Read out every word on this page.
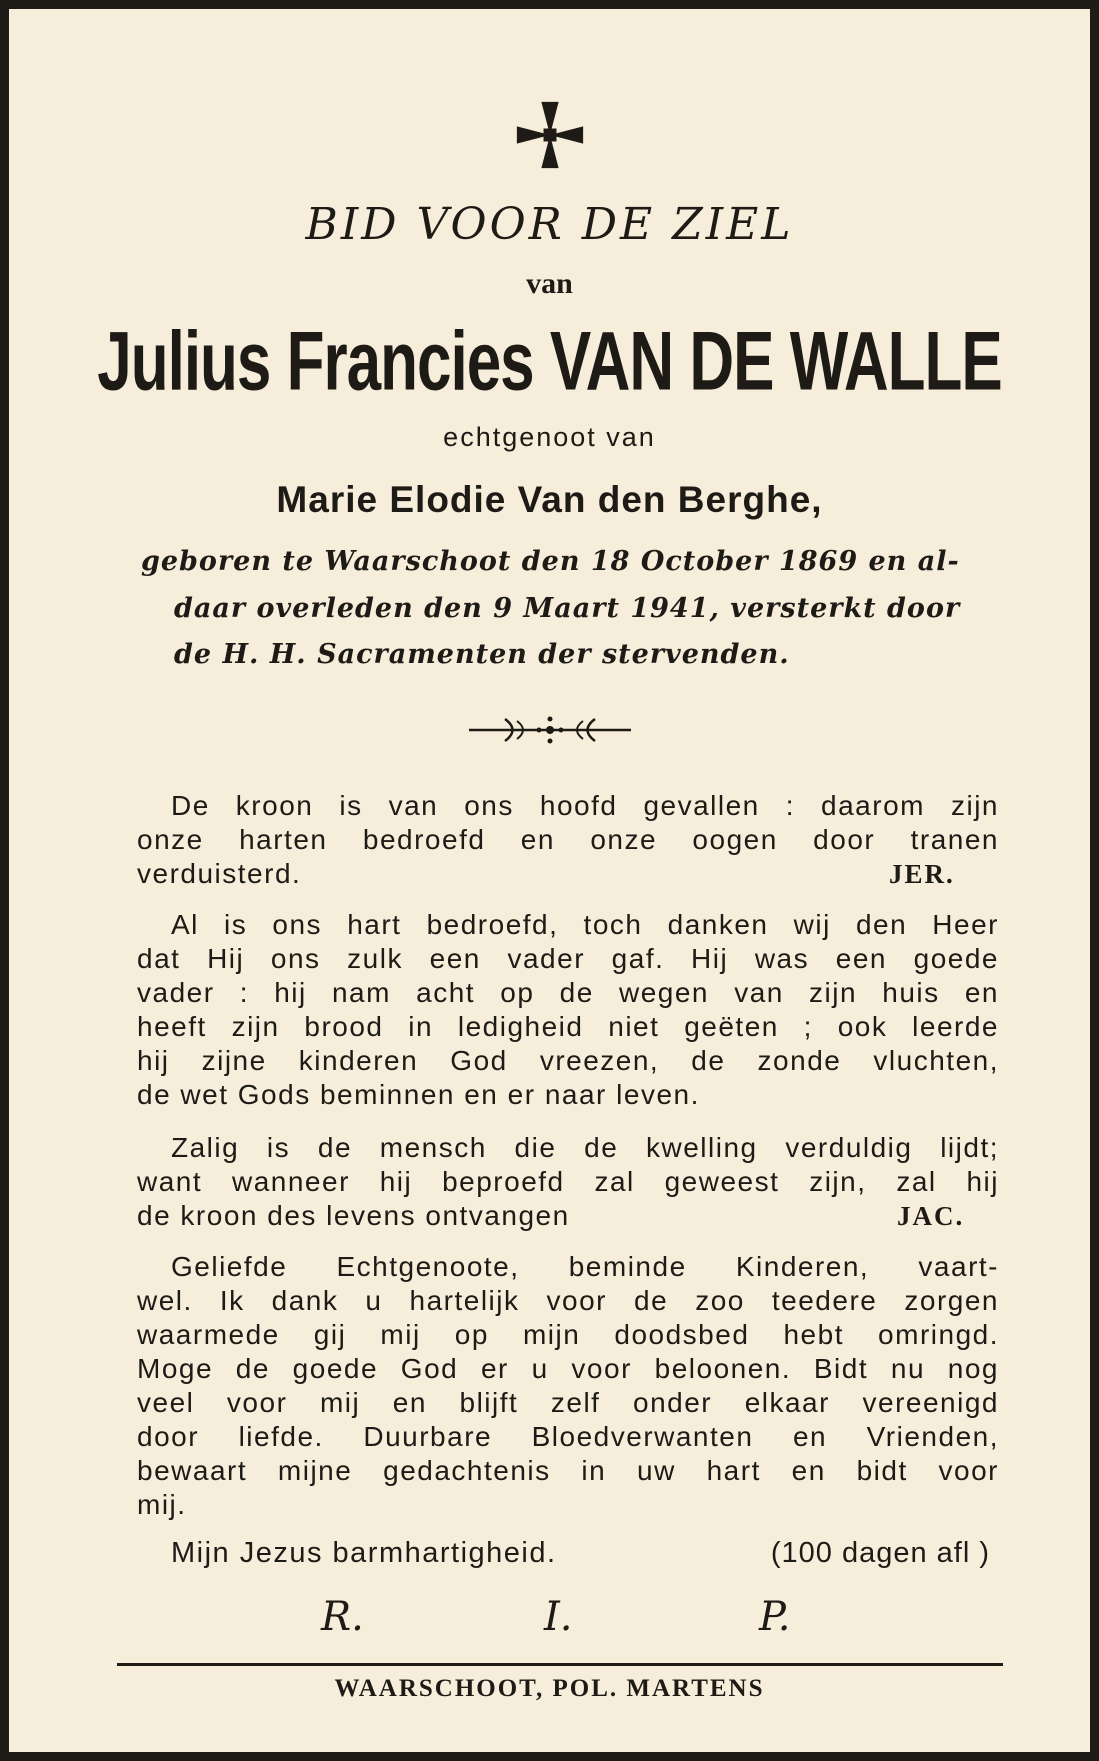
BID VOOR DE ZIEL
van
Julius Francies VAN DE WALLE
echtgenoot van
Marie Elodie Van den Berghe,
geboren te Waarschoot den 18 October 1869 en al-
daar overleden den 9 Maart 1941, versterkt door
de H. H. Sacramenten der stervenden.
De kroon is van ons hoofd gevallen : daarom zijn
onze harten bedroefd en onze oogen door tranen
verduisterd.	JER.
Al is ons hart bedroefd, toch danken wij den Heer
dat Hij ons zulk een vader gaf. Hij was een goede
vader : hij nam acht op de wegen van zijn huis en
heeft zijn brood in ledigheid niet geëten ; ook leerde
hij zijne kinderen God vreezen, de zonde vluchten,
de wet Gods beminnen en er naar leven.
Zalig is de mensch die de kwelling verduldig lijdt;
want wanneer hij beproefd zal geweest zijn, zal hij
de kroon des levens ontvangen	JAC.
Geliefde Echtgenoote, beminde Kinderen, vaart-
wel. Ik dank u hartelijk voor de zoo teedere zorgen
waarmede gij mij op mijn doodsbed hebt omringd.
Moge de goede God er u voor beloonen. Bidt nu nog
veel voor mij en blijft zelf onder elkaar vereenigd
door liefde. Duurbare Bloedverwanten en Vrienden,
bewaart mijne gedachtenis in uw hart en bidt voor
mij.
Mijn Jezus barmhartigheid.	(100 dagen afl )
R.	I.	P.
WAARSCHOOT, POL. MARTENS
